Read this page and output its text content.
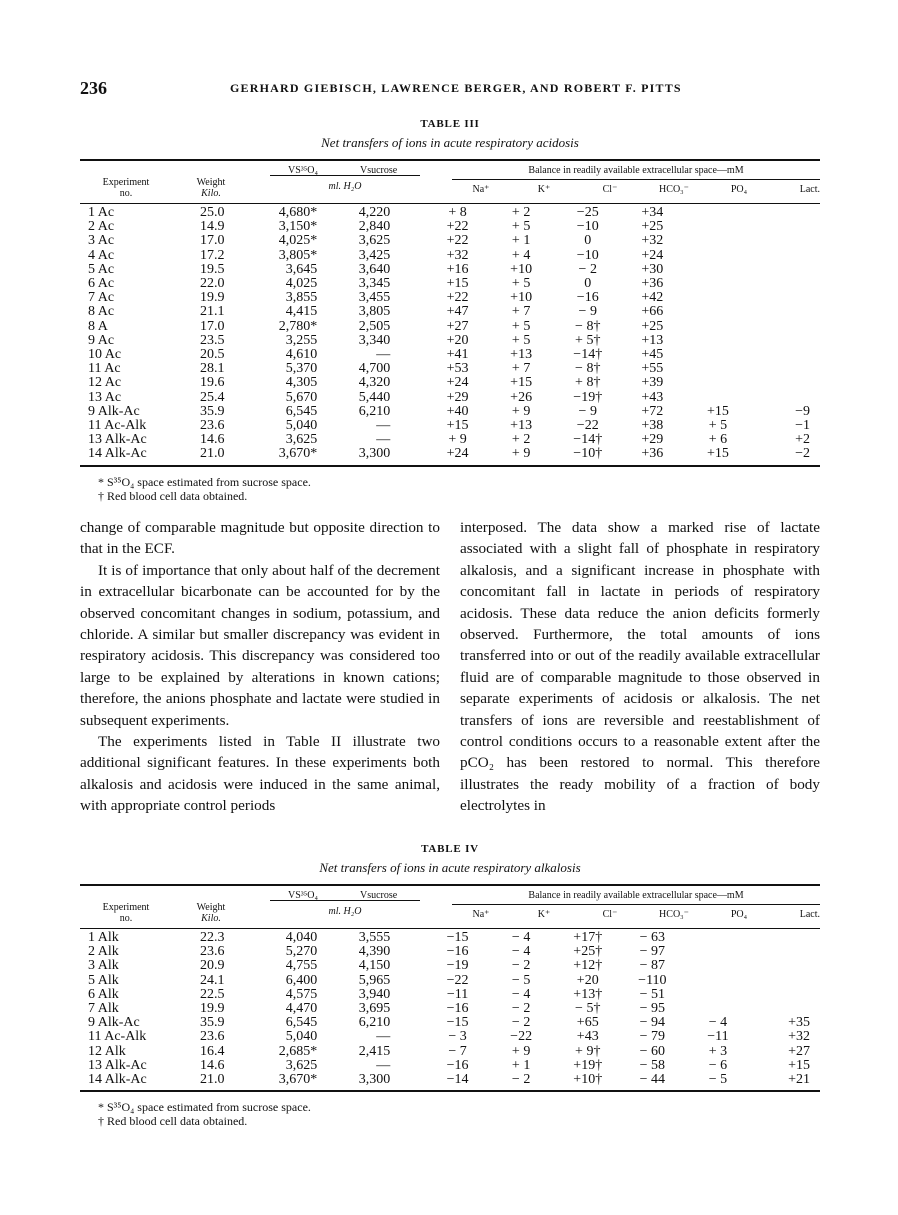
236	GERHARD GIEBISCH, LAWRENCE BERGER, AND ROBERT F. PITTS
TABLE III
Net transfers of ions in acute respiratory acidosis
Experiment
no.
Weight
Kilo.
VS³⁵O₄	Vsucrose
ml. H₂O
Balance in readily available extracellular space—mM
Na⁺	K⁺	Cl⁻	HCO₃⁻	PO₄	Lact.
1 Ac	25.0	4,680*	4,220	+ 8	+ 2	−25	+34		
2 Ac	14.9	3,150*	2,840	+22	+ 5	−10	+25		
3 Ac	17.0	4,025*	3,625	+22	+ 1	0	+32		
4 Ac	17.2	3,805*	3,425	+32	+ 4	−10	+24		
5 Ac	19.5	3,645	3,640	+16	+10	− 2	+30		
6 Ac	22.0	4,025	3,345	+15	+ 5	0	+36		
7 Ac	19.9	3,855	3,455	+22	+10	−16	+42		
8 Ac	21.1	4,415	3,805	+47	+ 7	− 9	+66		
8 A	17.0	2,780*	2,505	+27	+ 5	− 8†	+25		
9 Ac	23.5	3,255	3,340	+20	+ 5	+ 5†	+13		
10 Ac	20.5	4,610	—	+41	+13	−14†	+45		
11 Ac	28.1	5,370	4,700	+53	+ 7	− 8†	+55		
12 Ac	19.6	4,305	4,320	+24	+15	+ 8†	+39		
13 Ac	25.4	5,670	5,440	+29	+26	−19†	+43		
9 Alk-Ac	35.9	6,545	6,210	+40	+ 9	− 9	+72	+15	−9
11 Ac-Alk	23.6	5,040	—	+15	+13	−22	+38	+ 5	−1
13 Alk-Ac	14.6	3,625	—	+ 9	+ 2	−14†	+29	+ 6	+2
14 Alk-Ac	21.0	3,670*	3,300	+24	+ 9	−10†	+36	+15	−2
* S³⁵O₄ space estimated from sucrose space.
† Red blood cell data obtained.

change of comparable magnitude but opposite direction to that in the ECF.

It is of importance that only about half of the decrement in extracellular bicarbonate can be accounted for by the observed concomitant changes in sodium, potassium, and chloride. A similar but smaller discrepancy was evident in respiratory acidosis. This discrepancy was considered too large to be explained by alterations in known cations; therefore, the anions phosphate and lactate were studied in subsequent experiments.

The experiments listed in Table II illustrate two additional significant features. In these experiments both alkalosis and acidosis were induced in the same animal, with appropriate control periods

interposed. The data show a marked rise of lactate associated with a slight fall of phosphate in respiratory alkalosis, and a significant increase in phosphate with concomitant fall in lactate in periods of respiratory acidosis. These data reduce the anion deficits formerly observed. Furthermore, the total amounts of ions transferred into or out of the readily available extracellular fluid are of comparable magnitude to those observed in separate experiments of acidosis or alkalosis. The net transfers of ions are reversible and reestablishment of control conditions occurs to a reasonable extent after the pCO₂ has been restored to normal. This therefore illustrates the ready mobility of a fraction of body electrolytes in

TABLE IV
Net transfers of ions in acute respiratory alkalosis
Experiment
no.
Weight
Kilo.
VS³⁵O₄	Vsucrose
ml. H₂O
Balance in readily available extracellular space—mM
Na⁺	K⁺	Cl⁻	HCO₃⁻	PO₄	Lact.
1 Alk	22.3	4,040	3,555	−15	− 4	+17†	− 63		
2 Alk	23.6	5,270	4,390	−16	− 4	+25†	− 97		
3 Alk	20.9	4,755	4,150	−19	− 2	+12†	− 87		
5 Alk	24.1	6,400	5,965	−22	− 5	+20	−110		
6 Alk	22.5	4,575	3,940	−11	− 4	+13†	− 51		
7 Alk	19.9	4,470	3,695	−16	− 2	− 5†	− 95		
9 Alk-Ac	35.9	6,545	6,210	−15	− 2	+65	− 94	− 4	+35
11 Ac-Alk	23.6	5,040	—	− 3	−22	+43	− 79	−11	+32
12 Alk	16.4	2,685*	2,415	− 7	+ 9	+ 9†	− 60	+ 3	+27
13 Alk-Ac	14.6	3,625	—	−16	+ 1	+19†	− 58	− 6	+15
14 Alk-Ac	21.0	3,670*	3,300	−14	− 2	+10†	− 44	− 5	+21
* S³⁵O₄ space estimated from sucrose space.
† Red blood cell data obtained.
